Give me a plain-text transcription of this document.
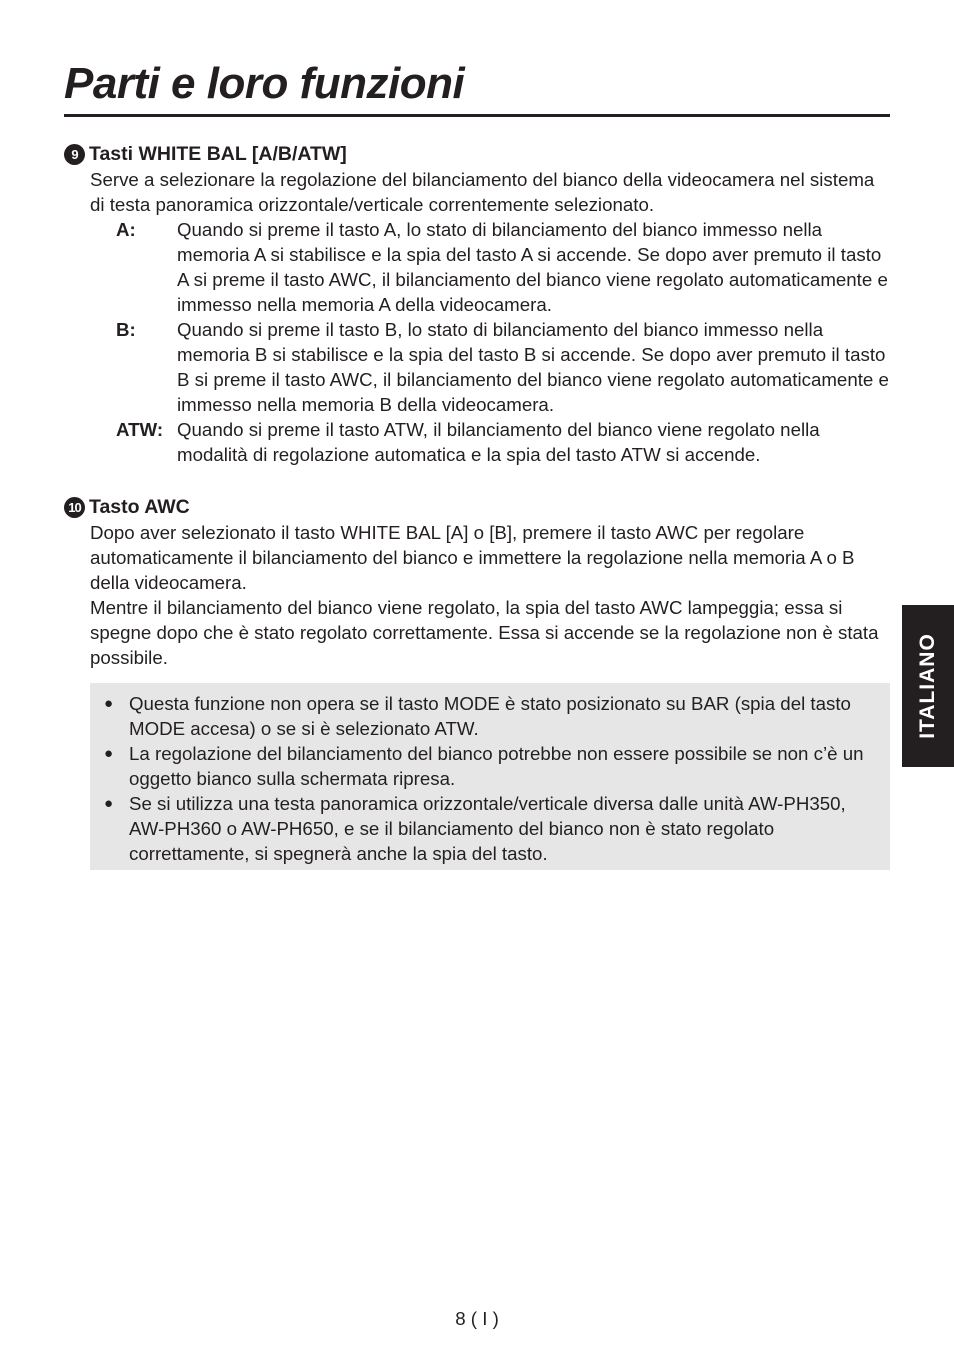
Parti e loro funzioni
9 Tasti WHITE BAL [A/B/ATW]

Serve a selezionare la regolazione del bilanciamento del bianco della videocamera nel sistema di testa panoramica orizzontale/verticale correntemente selezionato.

A:	Quando si preme il tasto A, lo stato di bilanciamento del bianco immesso nella memoria A si stabilisce e la spia del tasto A si accende. Se dopo aver premuto il tasto A si preme il tasto AWC, il bilanciamento del bianco viene regolato automaticamente e immesso nella memoria A della videocamera.
B:	Quando si preme il tasto B, lo stato di bilanciamento del bianco immesso nella memoria B si stabilisce e la spia del tasto B si accende. Se dopo aver premuto il tasto B si preme il tasto AWC, il bilanciamento del bianco viene regolato automaticamente e immesso nella memoria B della videocamera.
ATW: Quando si preme il tasto ATW, il bilanciamento del bianco viene regolato nella modalità di regolazione automatica e la spia del tasto ATW si accende.
10 Tasto AWC

Dopo aver selezionato il tasto WHITE BAL [A] o [B], premere il tasto AWC per regolare automaticamente il bilanciamento del bianco e immettere la regolazione nella memoria A o B della videocamera.

Mentre il bilanciamento del bianco viene regolato, la spia del tasto AWC lampeggia; essa si spegne dopo che è stato regolato correttamente. Essa si accende se la regolazione non è stata possibile.

● Questa funzione non opera se il tasto MODE è stato posizionato su BAR (spia del tasto MODE accesa) o se si è selezionato ATW.
● La regolazione del bilanciamento del bianco potrebbe non essere possibile se non c’è un oggetto bianco sulla schermata ripresa.
● Se si utilizza una testa panoramica orizzontale/verticale diversa dalle unità AW-PH350, AW-PH360 o AW-PH650, e se il bilanciamento del bianco non è stato regolato correttamente, si spegnerà anche la spia del tasto.
ITALIANO
8 ( I )
